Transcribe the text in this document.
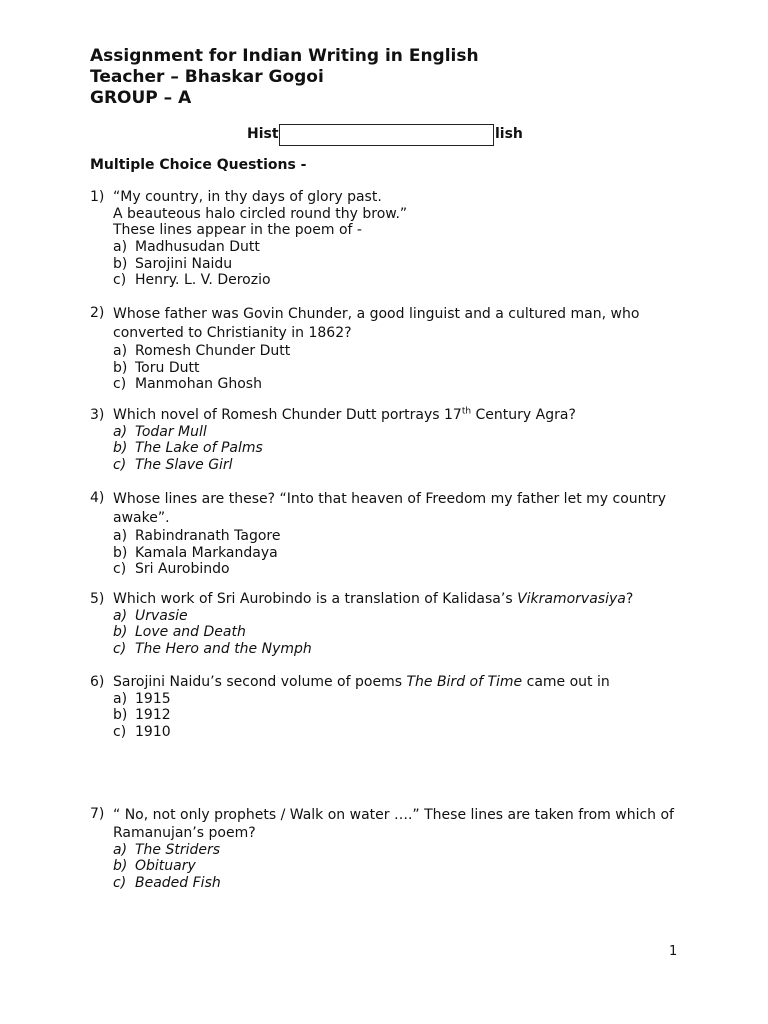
Assignment for Indian Writing in English
Teacher – Bhaskar Gogoi
GROUP – A
Hist	lish
Multiple Choice Questions -
1) “My country, in thy days of glory past.
A beauteous halo circled round thy brow.”
These lines appear in the poem of -
a) Madhusudan Dutt
b) Sarojini Naidu
c) Henry. L. V. Derozio
2) Whose father was Govin Chunder, a good linguist and a cultured man, who
converted to Christianity in 1862?
a) Romesh Chunder Dutt
b) Toru Dutt
c) Manmohan Ghosh
3) Which novel of Romesh Chunder Dutt portrays 17th Century Agra?
a) Todar Mull
b) The Lake of Palms
c) The Slave Girl
4) Whose lines are these? “Into that heaven of Freedom my father let my country
awake”.
a) Rabindranath Tagore
b) Kamala Markandaya
c) Sri Aurobindo
5) Which work of Sri Aurobindo is a translation of Kalidasa’s Vikramorvasiya?
a) Urvasie
b) Love and Death
c) The Hero and the Nymph
6) Sarojini Naidu’s second volume of poems The Bird of Time came out in
a) 1915
b) 1912
c) 1910
7) “ No, not only prophets / Walk on water ….” These lines are taken from which of
Ramanujan’s poem?
a) The Striders
b) Obituary
c) Beaded Fish
1
